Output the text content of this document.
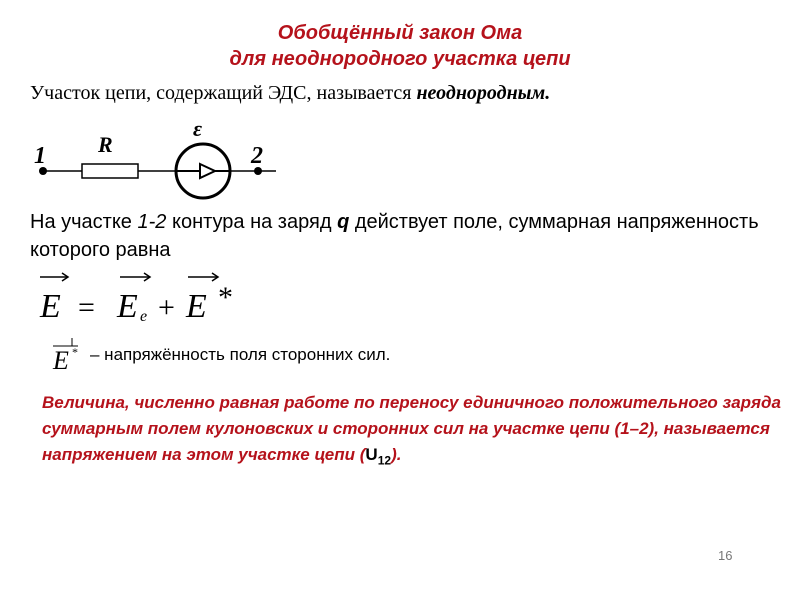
Обобщённый закон Ома
для неоднородного участка цепи
Участок цепи, содержащий ЭДС, называется неоднородным.
1	2
R
ε
На участке 1-2 контура на заряд q действует поле, суммарная напряженность которого равна
E = E e + E *
E * – напряжённость поля сторонних сил.
Величина, численно равная работе по переносу единичного положительного заряда суммарным полем кулоновских и сторонних сил на участке цепи (1–2), называется напряжением на этом участке цепи $(U_{12})$.
16
